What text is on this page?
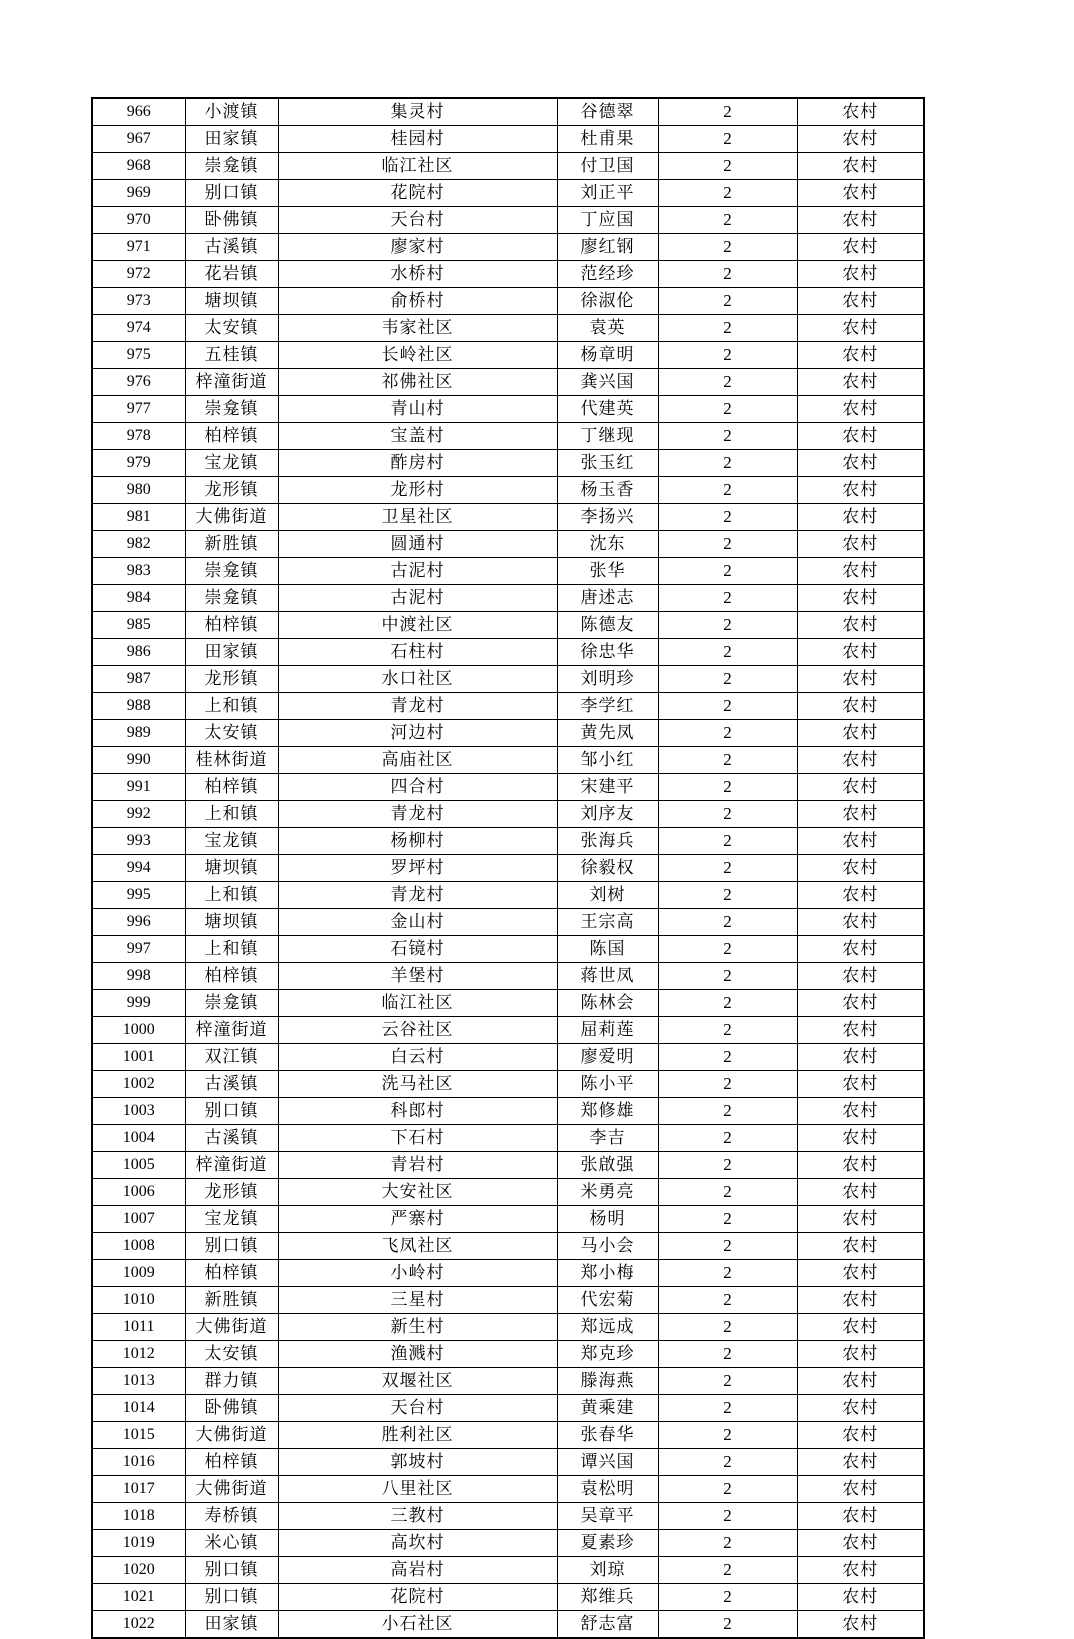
966	小渡镇	集灵村	谷德翠	2	农村
967	田家镇	桂园村	杜甫果	2	农村
968	崇龛镇	临江社区	付卫国	2	农村
969	别口镇	花院村	刘正平	2	农村
970	卧佛镇	天台村	丁应国	2	农村
971	古溪镇	廖家村	廖红钢	2	农村
972	花岩镇	水桥村	范经珍	2	农村
973	塘坝镇	俞桥村	徐淑伦	2	农村
974	太安镇	韦家社区	袁英	2	农村
975	五桂镇	长岭社区	杨章明	2	农村
976	梓潼街道	祁佛社区	龚兴国	2	农村
977	崇龛镇	青山村	代建英	2	农村
978	柏梓镇	宝盖村	丁继现	2	农村
979	宝龙镇	酢房村	张玉红	2	农村
980	龙形镇	龙形村	杨玉香	2	农村
981	大佛街道	卫星社区	李扬兴	2	农村
982	新胜镇	圆通村	沈东	2	农村
983	崇龛镇	古泥村	张华	2	农村
984	崇龛镇	古泥村	唐述志	2	农村
985	柏梓镇	中渡社区	陈德友	2	农村
986	田家镇	石柱村	徐忠华	2	农村
987	龙形镇	水口社区	刘明珍	2	农村
988	上和镇	青龙村	李学红	2	农村
989	太安镇	河边村	黄先凤	2	农村
990	桂林街道	高庙社区	邹小红	2	农村
991	柏梓镇	四合村	宋建平	2	农村
992	上和镇	青龙村	刘序友	2	农村
993	宝龙镇	杨柳村	张海兵	2	农村
994	塘坝镇	罗坪村	徐毅权	2	农村
995	上和镇	青龙村	刘树	2	农村
996	塘坝镇	金山村	王宗高	2	农村
997	上和镇	石镜村	陈国	2	农村
998	柏梓镇	羊堡村	蒋世凤	2	农村
999	崇龛镇	临江社区	陈林会	2	农村
1000	梓潼街道	云谷社区	屈莉莲	2	农村
1001	双江镇	白云村	廖爱明	2	农村
1002	古溪镇	洗马社区	陈小平	2	农村
1003	别口镇	科郎村	郑修雄	2	农村
1004	古溪镇	下石村	李吉	2	农村
1005	梓潼街道	青岩村	张啟强	2	农村
1006	龙形镇	大安社区	米勇亮	2	农村
1007	宝龙镇	严寨村	杨明	2	农村
1008	别口镇	飞凤社区	马小会	2	农村
1009	柏梓镇	小岭村	郑小梅	2	农村
1010	新胜镇	三星村	代宏菊	2	农村
1011	大佛街道	新生村	郑远成	2	农村
1012	太安镇	渔溅村	郑克珍	2	农村
1013	群力镇	双堰社区	滕海燕	2	农村
1014	卧佛镇	天台村	黄乘建	2	农村
1015	大佛街道	胜利社区	张春华	2	农村
1016	柏梓镇	郭坡村	谭兴国	2	农村
1017	大佛街道	八里社区	袁松明	2	农村
1018	寿桥镇	三教村	吴章平	2	农村
1019	米心镇	高坎村	夏素珍	2	农村
1020	别口镇	高岩村	刘琼	2	农村
1021	别口镇	花院村	郑维兵	2	农村
1022	田家镇	小石社区	舒志富	2	农村
